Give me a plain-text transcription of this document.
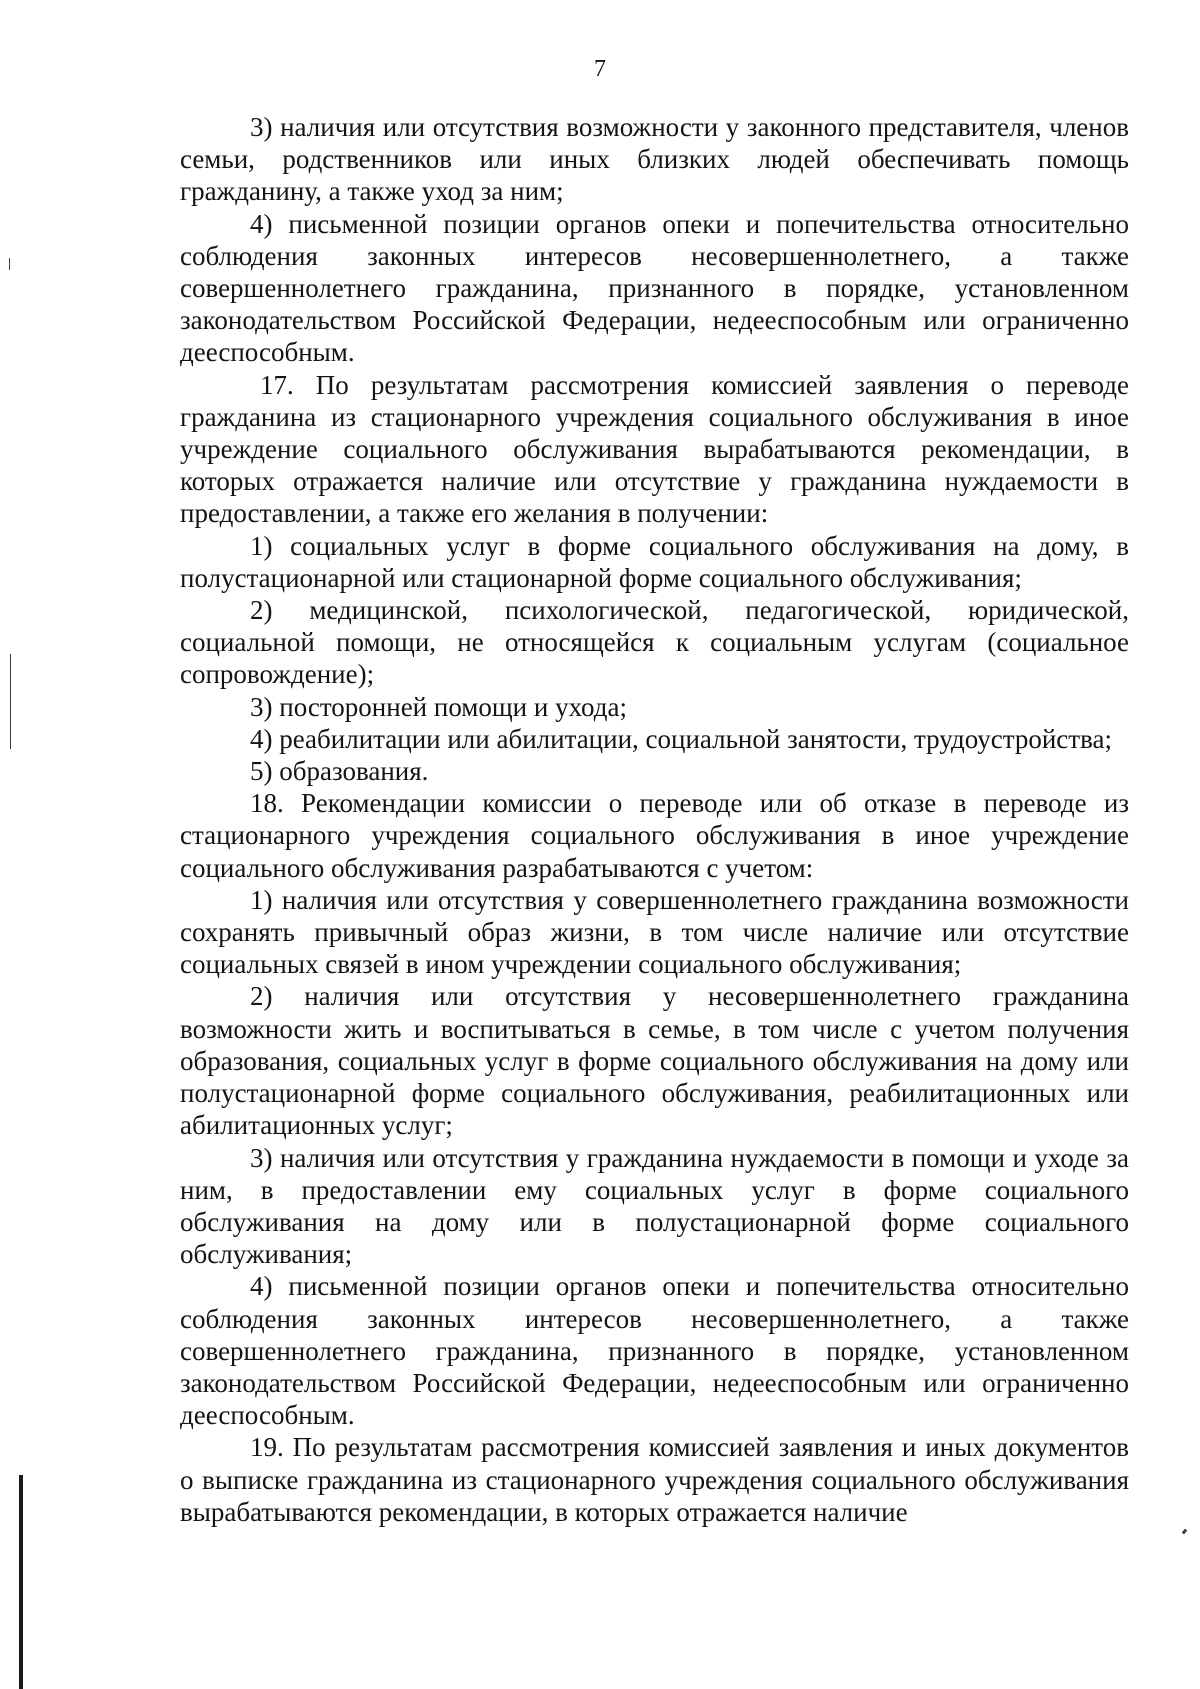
7

3) наличия или отсутствия возможности у законного представителя, членов семьи, родственников или иных близких людей обеспечивать помощь гражданину, а также уход за ним;

4) письменной позиции органов опеки и попечительства относительно соблюдения законных интересов несовершеннолетнего, а также совершеннолетнего гражданина, признанного в порядке, установленном законодательством Российской Федерации, недееспособным или ограниченно дееспособным.

17. По результатам рассмотрения комиссией заявления о переводе гражданина из стационарного учреждения социального обслуживания в иное учреждение социального обслуживания вырабатываются рекомендации, в которых отражается наличие или отсутствие у гражданина нуждаемости в предоставлении, а также его желания в получении:

1) социальных услуг в форме социального обслуживания на дому, в полустационарной или стационарной форме социального обслуживания;

2) медицинской, психологической, педагогической, юридической, социальной помощи, не относящейся к социальным услугам (социальное сопровождение);

3) посторонней помощи и ухода;

4) реабилитации или абилитации, социальной занятости, трудоустройства;

5) образования.

18. Рекомендации комиссии о переводе или об отказе в переводе из стационарного учреждения социального обслуживания в иное учреждение социального обслуживания разрабатываются с учетом:

1) наличия или отсутствия у совершеннолетнего гражданина возможности сохранять привычный образ жизни, в том числе наличие или отсутствие социальных связей в ином учреждении социального обслуживания;

2) наличия или отсутствия у несовершеннолетнего гражданина возможности жить и воспитываться в семье, в том числе с учетом получения образования, социальных услуг в форме социального обслуживания на дому или полустационарной форме социального обслуживания, реабилитационных или абилитационных услуг;

3) наличия или отсутствия у гражданина нуждаемости в помощи и уходе за ним, в предоставлении ему социальных услуг в форме социального обслуживания на дому или в полустационарной форме социального обслуживания;

4) письменной позиции органов опеки и попечительства относительно соблюдения законных интересов несовершеннолетнего, а также совершеннолетнего гражданина, признанного в порядке, установленном законодательством Российской Федерации, недееспособным или ограниченно дееспособным.

19. По результатам рассмотрения комиссией заявления и иных документов о выписке гражданина из стационарного учреждения социального обслуживания вырабатываются рекомендации, в которых отражается наличие
